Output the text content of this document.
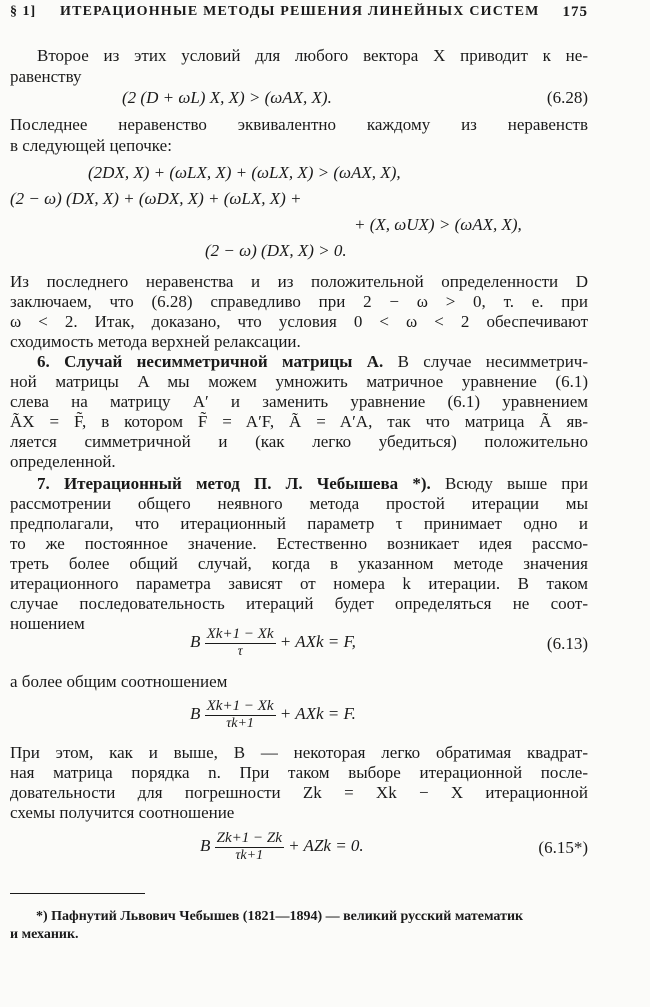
§ 1] ИТЕРАЦИОННЫЕ МЕТОДЫ РЕШЕНИЯ ЛИНЕЙНЫХ СИСТЕМ 175
Второе из этих условий для любого вектора X приводит к не-
равенству
(2 (D + ωL) X, X) > (ωAX, X).	(6.28)
Последнее неравенство эквивалентно каждому из неравенств
в следующей цепочке:
(2DX, X) + (ωLX, X) + (ωLX, X) > (ωAX, X),
(2 − ω) (DX, X) + (ωDX, X) + (ωLX, X) +
+ (X, ωUX) > (ωAX, X),
(2 − ω) (DX, X) > 0.
Из последнего неравенства и из положительной определенности D
заключаем, что (6.28) справедливо при 2 − ω > 0, т. е. при
ω < 2. Итак, доказано, что условия 0 < ω < 2 обеспечивают
сходимость метода верхней релаксации.
6. Случай несимметричной матрицы A. В случае несимметрич-
ной матрицы A мы можем умножить матричное уравнение (6.1)
слева на матрицу A′ и заменить уравнение (6.1) уравнением
ÃX = F̃, в котором F̃ = A′F, Ã = A′A, так что матрица Ã яв-
ляется симметричной и (как легко убедиться) положительно
определенной.
7. Итерационный метод П. Л. Чебышева *). Всюду выше при
рассмотрении общего неявного метода простой итерации мы
предполагали, что итерационный параметр τ принимает одно и
то же постоянное значение. Естественно возникает идея рассмо-
треть более общий случай, когда в указанном методе значения
итерационного параметра зависят от номера k итерации. В таком
случае последовательность итераций будет определяться не соот-
ношением
B $\frac{Xk+1 - Xk}{\tau}$ + AXk = F,	(6.13)
а более общим соотношением
B $\frac{Xk+1 - Xk}{\tau k+1}$ + AXk = F.
При этом, как и выше, B — некоторая легко обратимая квадрат-
ная матрица порядка n. При таком выборе итерационной после-
довательности для погрешности Zk = Xk − X итерационной
схемы получится соотношение
B $\frac{Zk+1 - Zk}{\tau k+1}$ + AZk = 0.	(6.15*)
*) Пафнутий Львович Чебышев (1821—1894) — великий русский математик
и механик.
